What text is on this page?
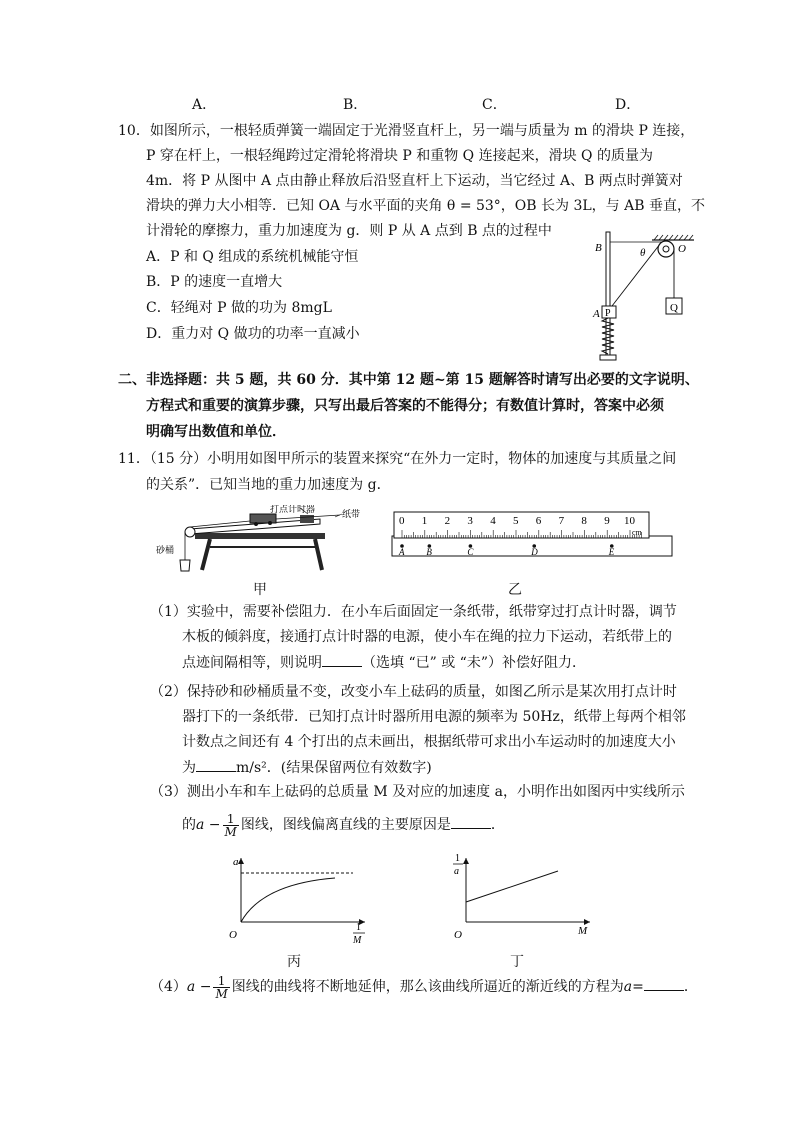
A．	B．	C．	D．
10．如图所示，一根轻质弹簧一端固定于光滑竖直杆上，另一端与质量为 m 的滑块 P 连接，
P 穿在杆上，一根轻绳跨过定滑轮将滑块 P 和重物 Q 连接起来，滑块 Q 的质量为
4m．将 P 从图中 A 点由静止释放后沿竖直杆上下运动，当它经过 A、B 两点时弹簧对
滑块的弹力大小相等．已知 OA 与水平面的夹角 θ = 53°，OB 长为 3L，与 AB 垂直，不
计滑轮的摩擦力，重力加速度为 g．则 P 从 A 点到 B 点的过程中
A．P 和 Q 组成的系统机械能守恒
B．P 的速度一直增大
C．轻绳对 P 做的功为 8mgL
D．重力对 Q 做功的功率一直减小
Q
P
B
A
θ	O
二、非选择题：共 5 题，共 60 分．其中第 12 题~第 15 题解答时请写出必要的文字说明、
方程式和重要的演算步骤，只写出最后答案的不能得分；有数值计算时，答案中必须
明确写出数值和单位．
11．（15 分）小明用如图甲所示的装置来探究“在外力一定时，物体的加速度与其质量之间
的关系”．已知当地的重力加速度为 g．
打点计时器	纸带
砂桶
甲
0 1 2 3 4 5 6 7 8 9 10
cm
A B	C	D	E
乙
（1）实验中，需要补偿阻力．在小车后面固定一条纸带，纸带穿过打点计时器，调节
木板的倾斜度，接通打点计时器的电源，使小车在绳的拉力下运动，若纸带上的
点迹间隔相等，则说明	（选填 “已” 或 “未”）补偿好阻力．
（2）保持砂和砂桶质量不变，改变小车上砝码的质量，如图乙所示是某次用打点计时
器打下的一条纸带．已知打点计时器所用电源的频率为 50Hz，纸带上每两个相邻
计数点之间还有 4 个打出的点未画出，根据纸带可求出小车运动时的加速度大小
为	m/s²．(结果保留两位有效数字)
（3）测出小车和车上砝码的总质量 M 及对应的加速度 a，小明作出如图丙中实线所示
的$a - \frac{1}{M}$ 图线，图线偏离直线的主要原因是	．
a
O
1
M
丙
1
a
O	M
丁
$(4)a - \frac{1}{M}$ 图线的曲线将不断地延伸，那么该曲线所逼近的渐近线的方程为a=	．
